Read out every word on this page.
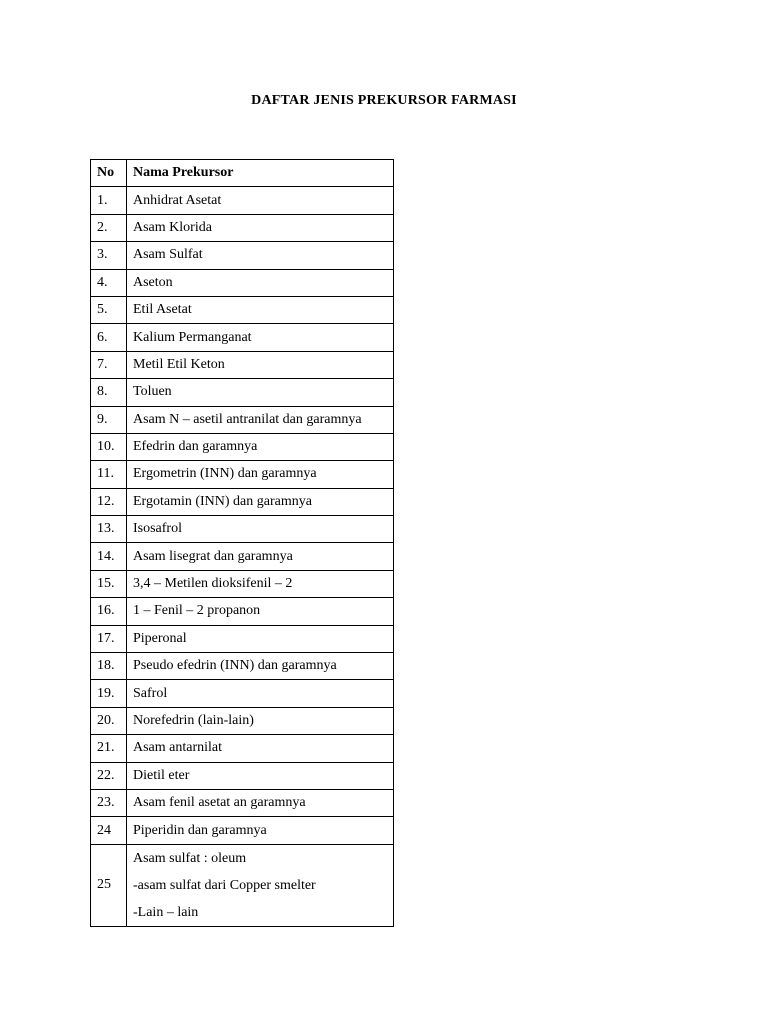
DAFTAR JENIS PREKURSOR FARMASI
No	Nama Prekursor
1.	Anhidrat Asetat
2.	Asam Klorida
3.	Asam Sulfat
4.	Aseton
5.	Etil Asetat
6.	Kalium Permanganat
7.	Metil Etil Keton
8.	Toluen
9.	Asam N – asetil antranilat dan garamnya
10.	Efedrin dan garamnya
11.	Ergometrin (INN) dan garamnya
12.	Ergotamin (INN) dan garamnya
13.	Isosafrol
14.	Asam lisegrat dan garamnya
15.	3,4 – Metilen dioksifenil – 2
16.	1 – Fenil – 2 propanon
17.	Piperonal
18.	Pseudo efedrin (INN) dan garamnya
19.	Safrol
20.	Norefedrin (lain-lain)
21.	Asam antarnilat
22.	Dietil eter
23.	Asam fenil asetat an garamnya
24	Piperidin dan garamnya
25	Asam sulfat : oleum
-asam sulfat dari Copper smelter
-Lain – lain
